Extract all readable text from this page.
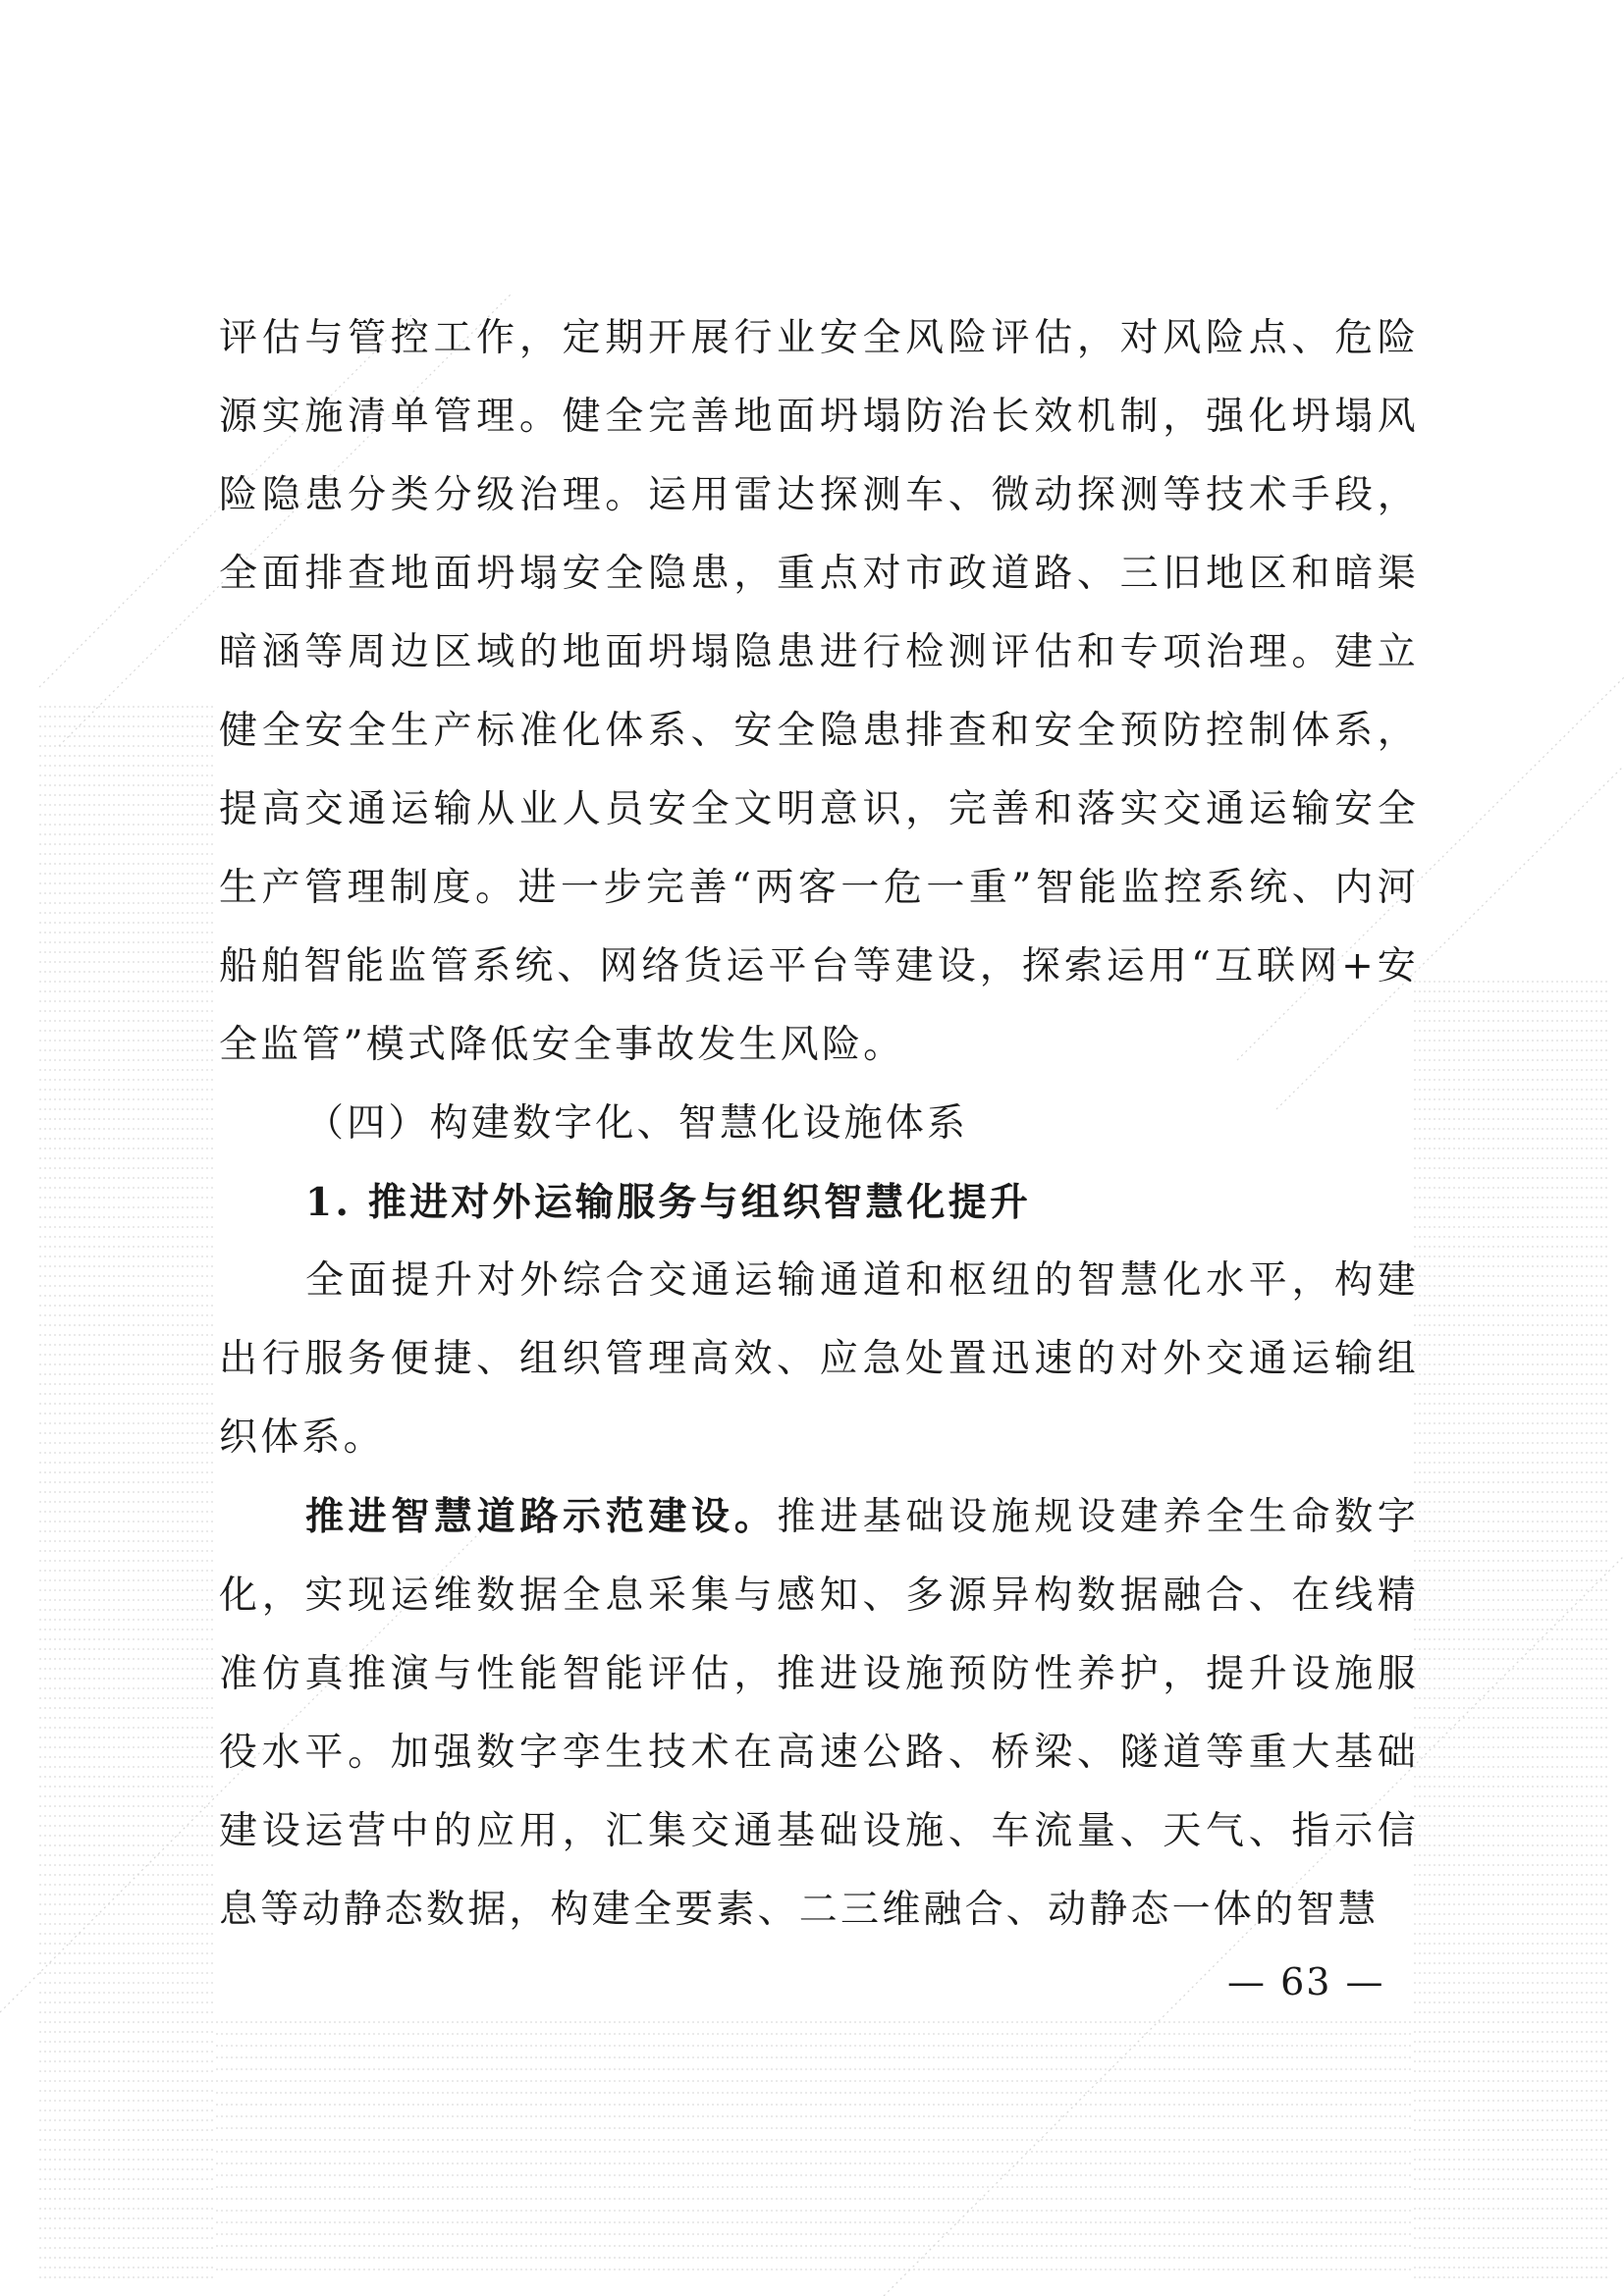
评估与管控工作，定期开展行业安全风险评估，对风险点、危险源实施清单管理。健全完善地面坍塌防治长效机制，强化坍塌风险隐患分类分级治理。运用雷达探测车、微动探测等技术手段，全面排查地面坍塌安全隐患，重点对市政道路、三旧地区和暗渠暗涵等周边区域的地面坍塌隐患进行检测评估和专项治理。建立健全安全生产标准化体系、安全隐患排查和安全预防控制体系，提高交通运输从业人员安全文明意识，完善和落实交通运输安全生产管理制度。进一步完善“两客一危一重”智能监控系统、内河船舶智能监管系统、网络货运平台等建设，探索运用“互联网+安全监管”模式降低安全事故发生风险。

（四）构建数字化、智慧化设施体系

1. 推进对外运输服务与组织智慧化提升

全面提升对外综合交通运输通道和枢纽的智慧化水平，构建出行服务便捷、组织管理高效、应急处置迅速的对外交通运输组织体系。

推进智慧道路示范建设。推进基础设施规设建养全生命数字化，实现运维数据全息采集与感知、多源异构数据融合、在线精准仿真推演与性能智能评估，推进设施预防性养护，提升设施服役水平。加强数字孪生技术在高速公路、桥梁、隧道等重大基础建设运营中的应用，汇集交通基础设施、车流量、天气、指示信息等动静态数据，构建全要素、二三维融合、动静态一体的智慧

— 63 —
